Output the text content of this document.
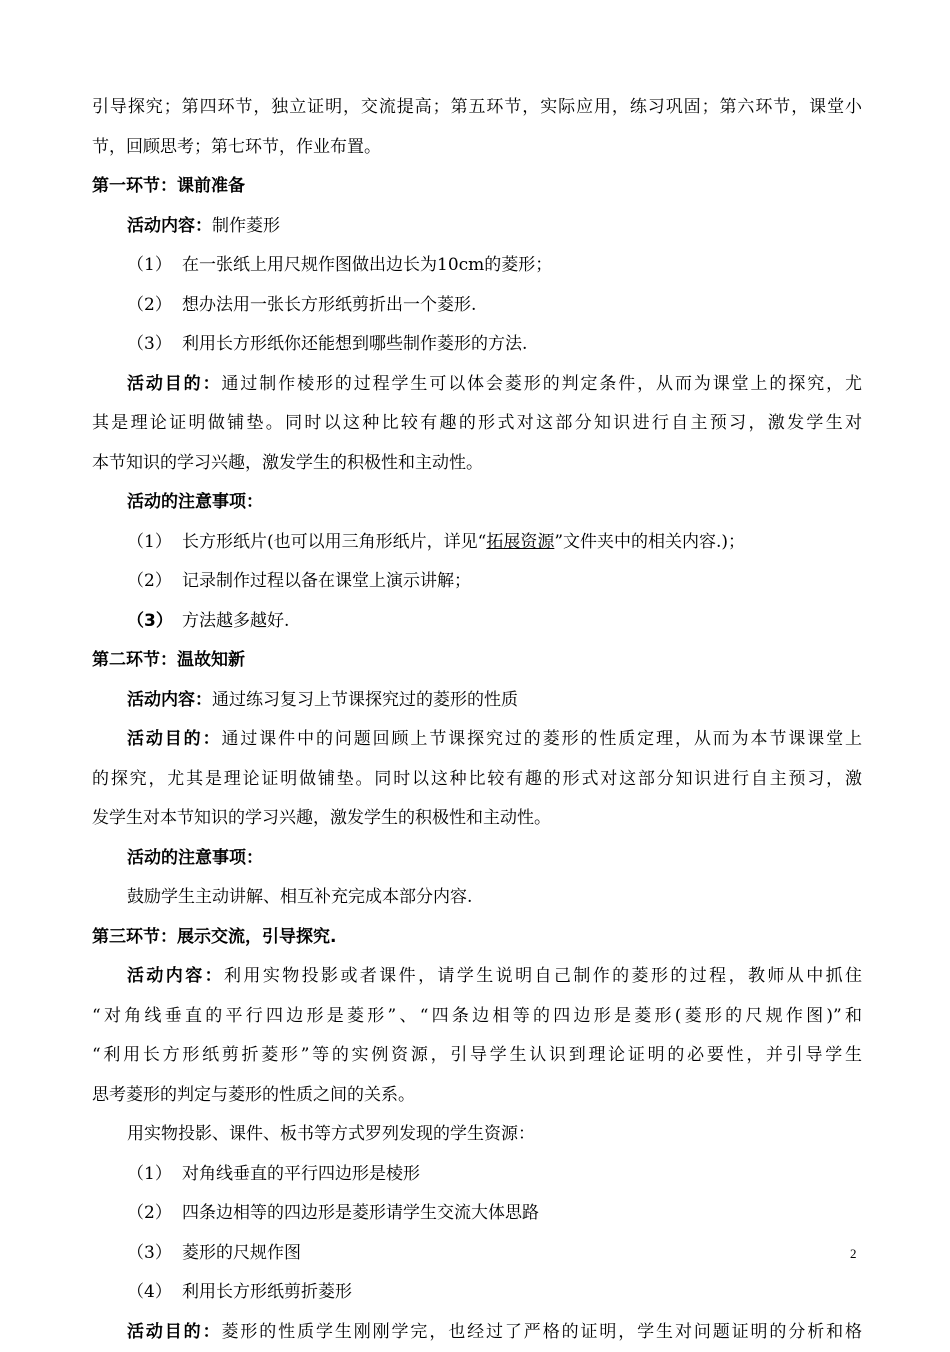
引导探究；第四环节，独立证明，交流提高；第五环节，实际应用，练习巩固；第六环节，课堂小
节，回顾思考；第七环节，作业布置。
第一环节：课前准备
活动内容：制作菱形
（1） 在一张纸上用尺规作图做出边长为10cm的菱形；
（2） 想办法用一张长方形纸剪折出一个菱形.
（3） 利用长方形纸你还能想到哪些制作菱形的方法.
活动目的：通过制作棱形的过程学生可以体会菱形的判定条件，从而为课堂上的探究，尤
其是理论证明做铺垫。同时以这种比较有趣的形式对这部分知识进行自主预习，激发学生对
本节知识的学习兴趣，激发学生的积极性和主动性。
活动的注意事项：
（1） 长方形纸片(也可以用三角形纸片，详见“拓展资源”文件夹中的相关内容.)；
（2） 记录制作过程以备在课堂上演示讲解；
（3） 方法越多越好.
第二环节：温故知新
活动内容：通过练习复习上节课探究过的菱形的性质
活动目的：通过课件中的问题回顾上节课探究过的菱形的性质定理，从而为本节课课堂上
的探究，尤其是理论证明做铺垫。同时以这种比较有趣的形式对这部分知识进行自主预习，激
发学生对本节知识的学习兴趣，激发学生的积极性和主动性。
活动的注意事项：
鼓励学生主动讲解、相互补充完成本部分内容.
第三环节：展示交流，引导探究.
活动内容：利用实物投影或者课件，请学生说明自己制作的菱形的过程，教师从中抓住
“对角线垂直的平行四边形是菱形”、“四条边相等的四边形是菱形(菱形的尺规作图)”和
“利用长方形纸剪折菱形”等的实例资源，引导学生认识到理论证明的必要性，并引导学生
思考菱形的判定与菱形的性质之间的关系。
用实物投影、课件、板书等方式罗列发现的学生资源：
（1） 对角线垂直的平行四边形是棱形
（2） 四条边相等的四边形是菱形请学生交流大体思路
（3） 菱形的尺规作图
（4） 利用长方形纸剪折菱形
活动目的：菱形的性质学生刚刚学完，也经过了严格的证明，学生对问题证明的分析和格
2
